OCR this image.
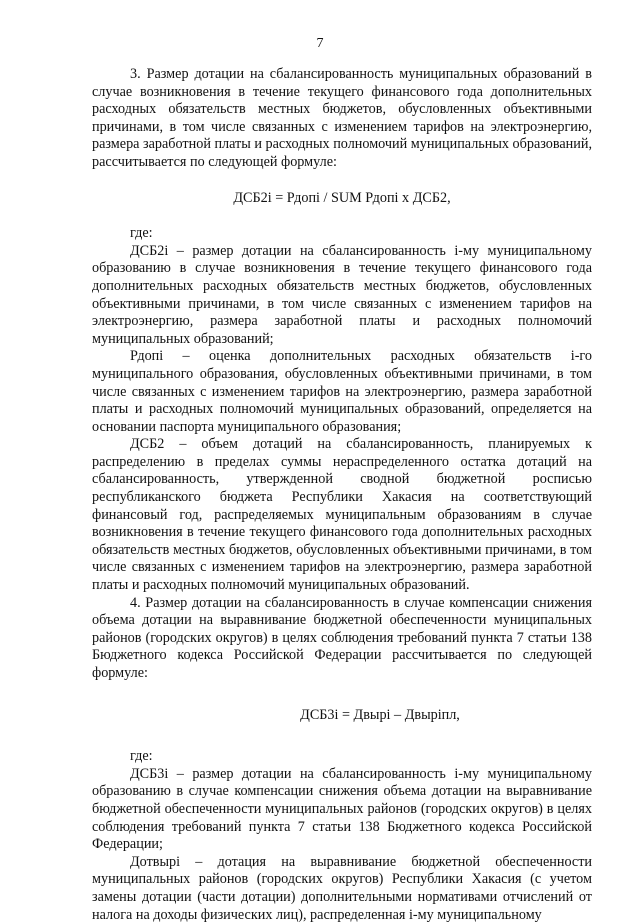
7

3. Размер дотации на сбалансированность муниципальных образований в случае возникновения в течение текущего финансового года дополнительных расходных обязательств местных бюджетов, обусловленных объективными причинами, в том числе связанных с изменением тарифов на электроэнергию, размера заработной платы и расходных полномочий муниципальных образований, рассчитывается по следующей формуле:

ДСБ2i = Рдопi / SUM Рдопi x ДСБ2,

где:

ДСБ2i – размер дотации на сбалансированность i-му муниципальному образованию в случае возникновения в течение текущего финансового года дополнительных расходных обязательств местных бюджетов, обусловленных объективными причинами, в том числе связанных с изменением тарифов на электроэнергию, размера заработной платы и расходных полномочий муниципальных образований;

Рдопi – оценка дополнительных расходных обязательств i-го муниципального образования, обусловленных объективными причинами, в том числе связанных с изменением тарифов на электроэнергию, размера заработной платы и расходных полномочий муниципальных образований, определяется на основании паспорта муниципального образования;

ДСБ2 – объем дотаций на сбалансированность, планируемых к распределению в пределах суммы нераспределенного остатка дотаций на сбалансированность, утвержденной сводной бюджетной росписью республиканского бюджета Республики Хакасия на соответствующий финансовый год, распределяемых муниципальным образованиям в случае возникновения в течение текущего финансового года дополнительных расходных обязательств местных бюджетов, обусловленных объективными причинами, в том числе связанных с изменением тарифов на электроэнергию, размера заработной платы и расходных полномочий муниципальных образований.

4. Размер дотации на сбалансированность в случае компенсации снижения объема дотации на выравнивание бюджетной обеспеченности муниципальных районов (городских округов) в целях соблюдения требований пункта 7 статьи 138 Бюджетного кодекса Российской Федерации рассчитывается по следующей формуле:

ДСБ3i = Двырi – Двырiпл,

где:

ДСБ3i – размер дотации на сбалансированность i-му муниципальному образованию в случае компенсации снижения объема дотации на выравнивание бюджетной обеспеченности муниципальных районов (городских округов) в целях соблюдения требований пункта 7 статьи 138 Бюджетного кодекса Российской Федерации;

Дотвырi – дотация на выравнивание бюджетной обеспеченности муниципальных районов (городских округов) Республики Хакасия (с учетом замены дотации (части дотации) дополнительными нормативами отчислений от налога на доходы физических лиц), распределенная i-му муниципальному
